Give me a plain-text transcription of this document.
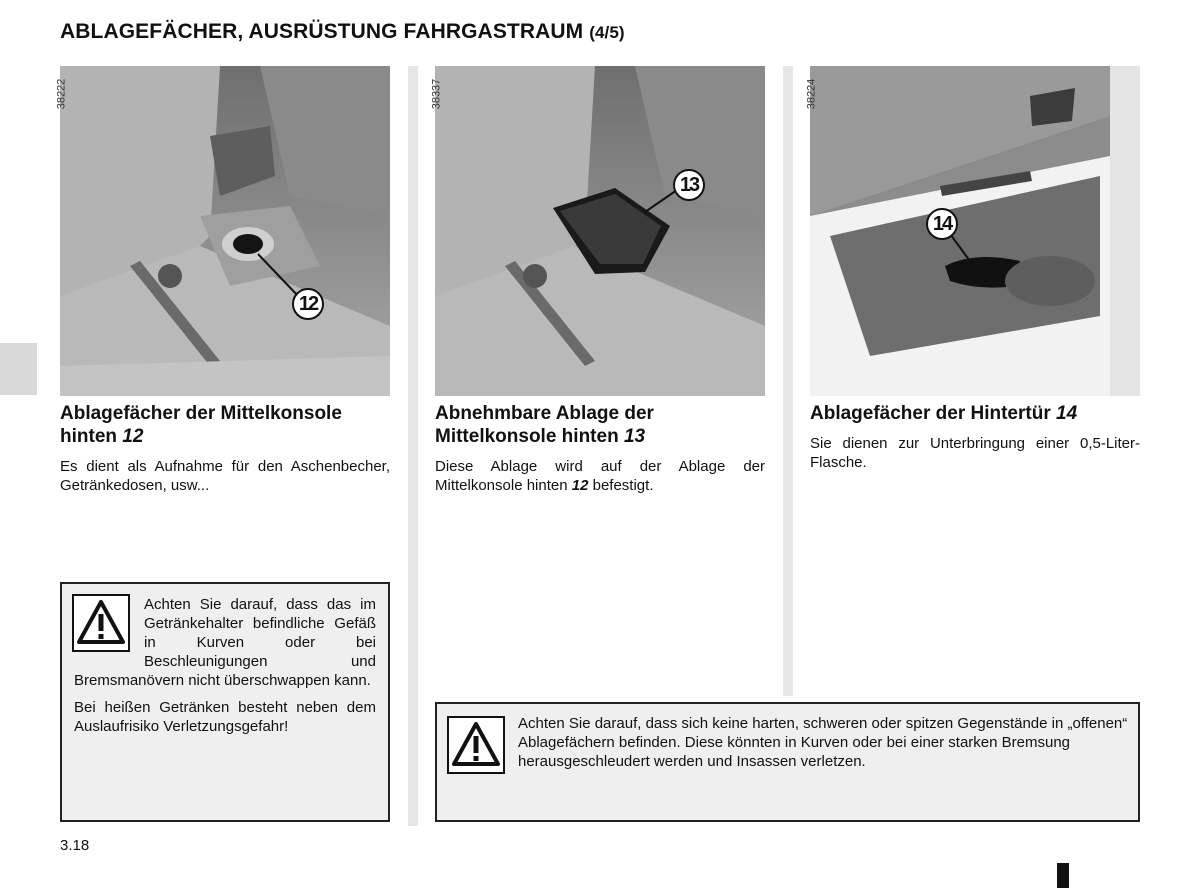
ABLAGEFÄCHER, AUSRÜSTUNG FAHRGASTRAUM (4/5)
38222
12
38337
13
38224
14
Ablagefächer der Mittelkonsole hinten 12
Es dient als Aufnahme für den Aschenbecher, Getränkedosen, usw...
Abnehmbare Ablage der Mittelkonsole hinten 13
Diese Ablage wird auf der Ablage der Mittelkonsole hinten 12 befestigt.
Ablagefächer der Hintertür 14
Sie dienen zur Unterbringung einer 0,5-Liter-Flasche.
Achten Sie darauf, dass das im Getränkehalter befindliche Gefäß in Kurven oder bei Beschleunigungen und Bremsmanövern nicht überschwappen kann.
Bei heißen Getränken besteht neben dem Auslaufrisiko Verletzungsgefahr!	Achten Sie darauf, dass sich keine harten, schweren oder spitzen Gegenstände in „offenen“ Ablagefächern befinden. Diese könnten in Kurven oder bei einer starken Bremsung herausgeschleudert werden und Insassen verletzen.
3.18
